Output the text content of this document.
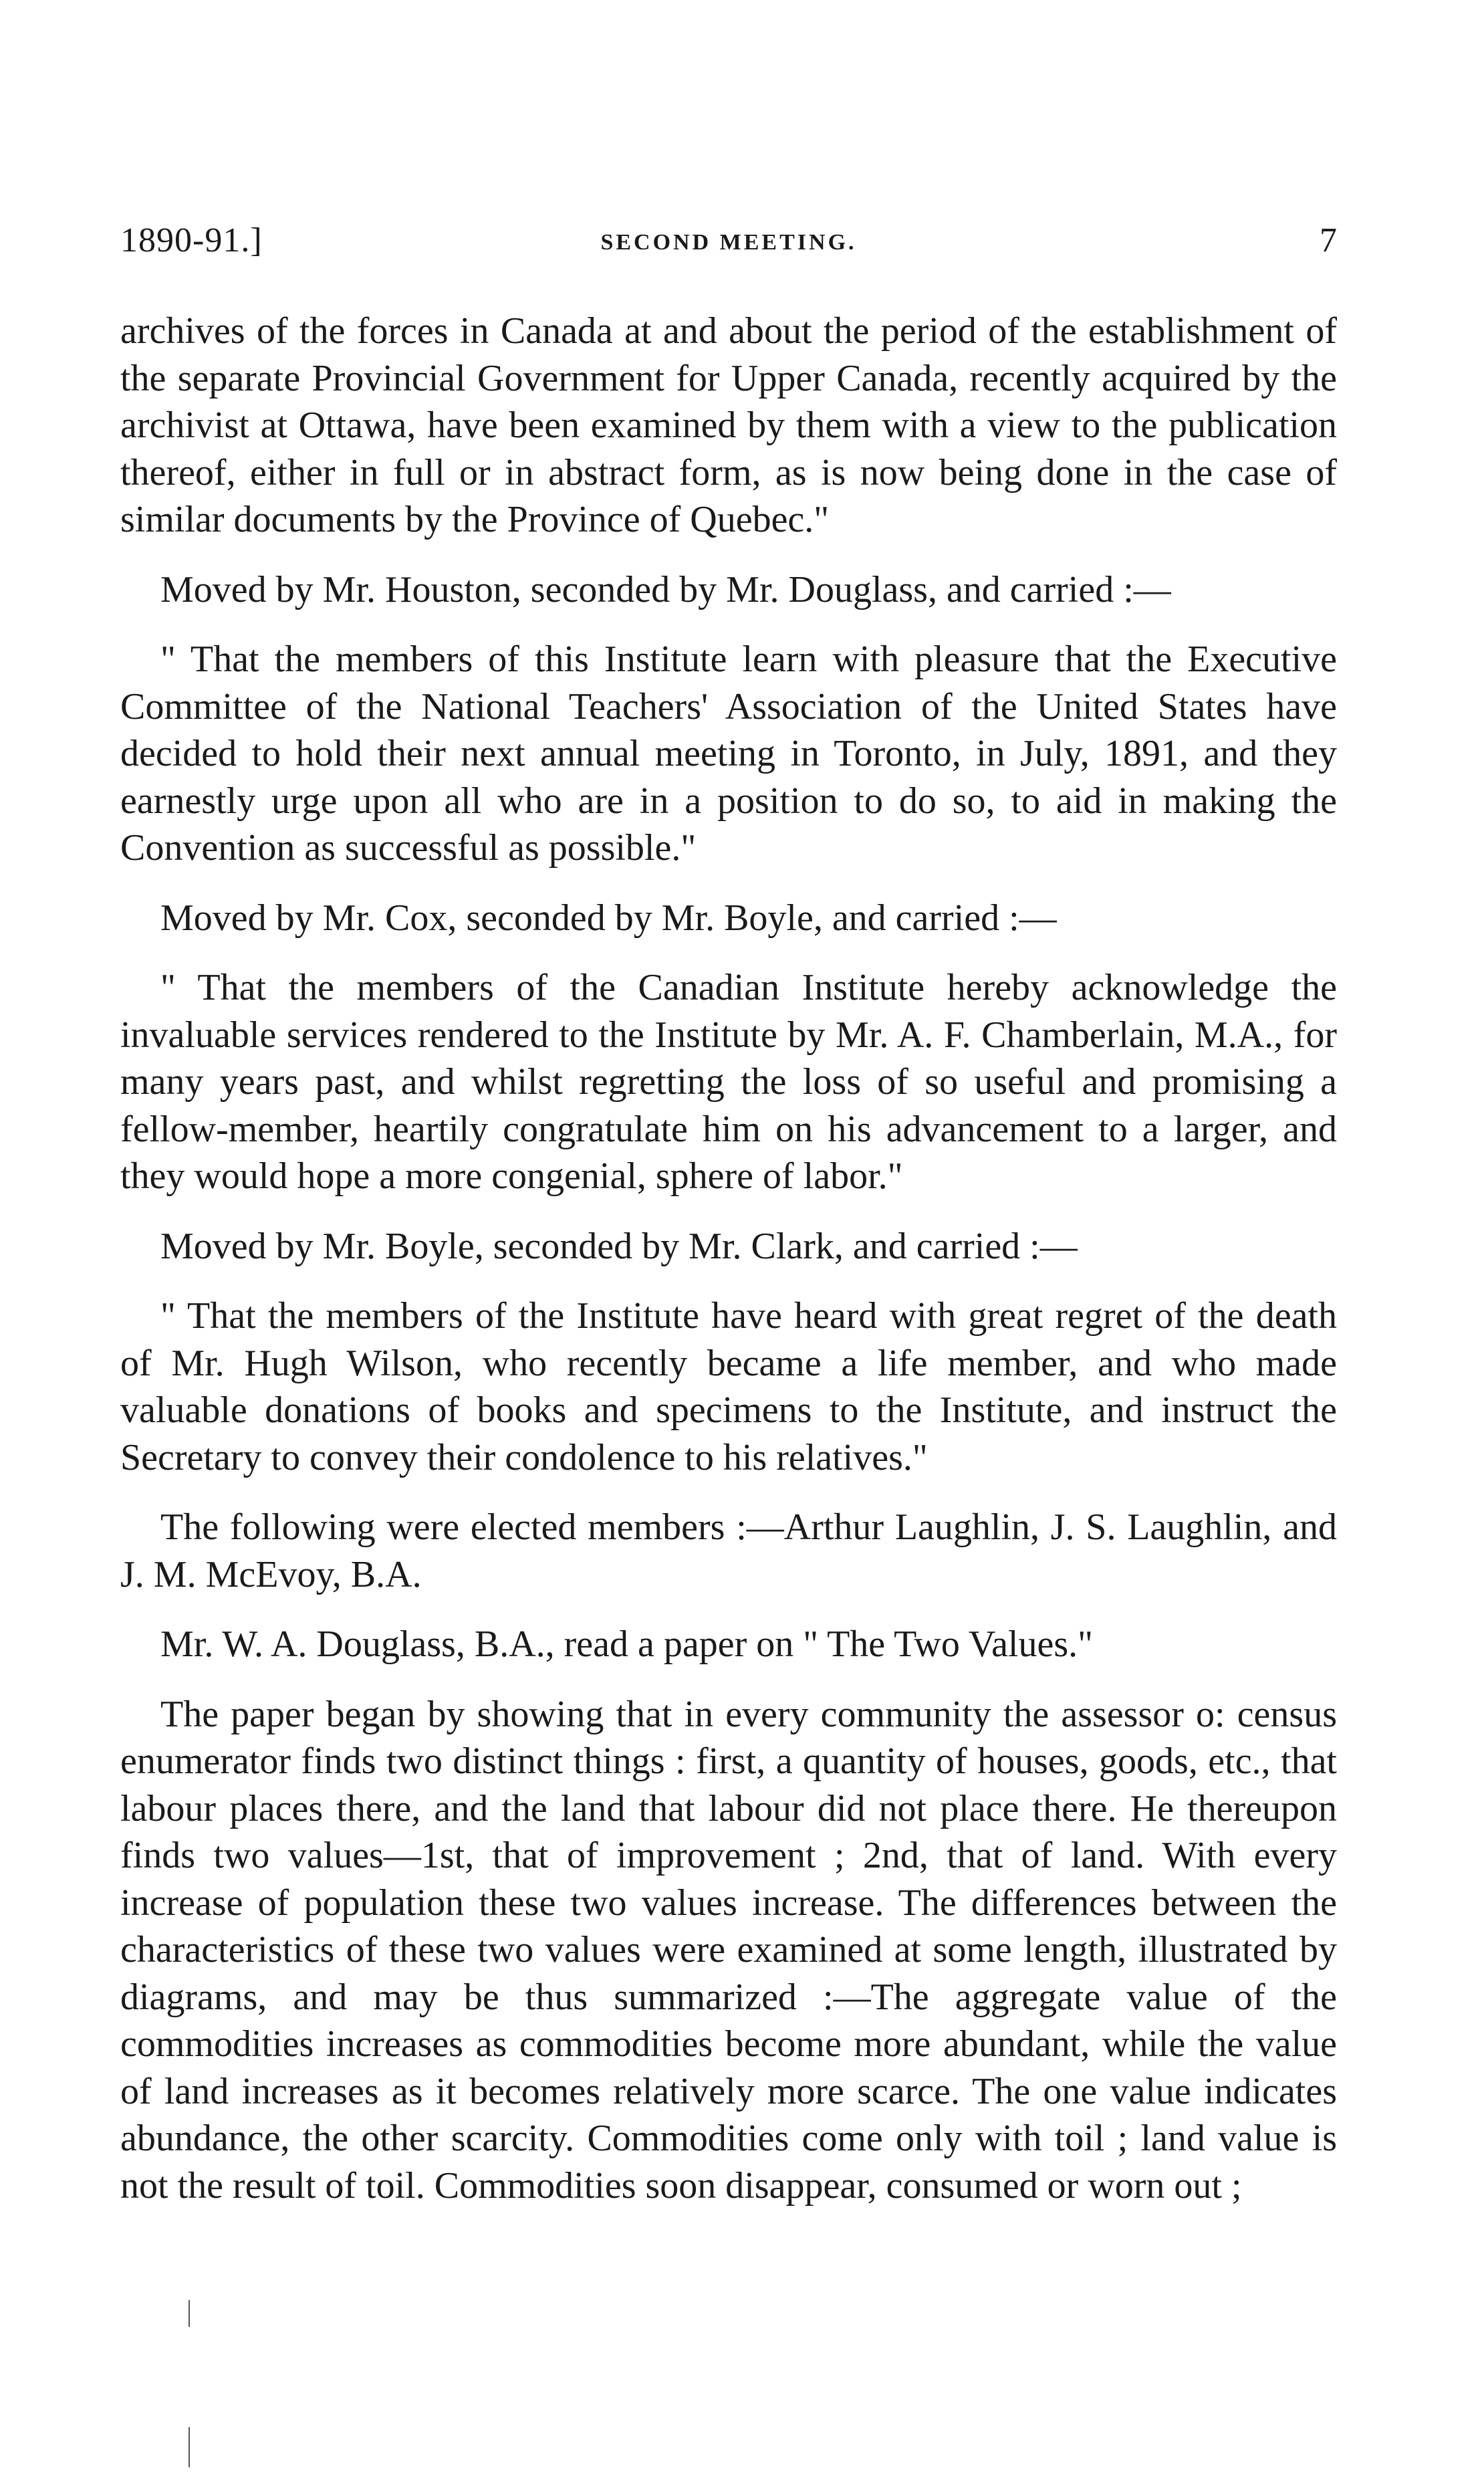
1890-91.]	SECOND MEETING.	7

archives of the forces in Canada at and about the period of the establishment of the separate Provincial Government for Upper Canada, recently acquired by the archivist at Ottawa, have been examined by them with a view to the publication thereof, either in full or in abstract form, as is now being done in the case of similar documents by the Province of Quebec."

Moved by Mr. Houston, seconded by Mr. Douglass, and carried :—

" That the members of this Institute learn with pleasure that the Executive Committee of the National Teachers' Association of the United States have decided to hold their next annual meeting in Toronto, in July, 1891, and they earnestly urge upon all who are in a position to do so, to aid in making the Convention as successful as possible."

Moved by Mr. Cox, seconded by Mr. Boyle, and carried :—

" That the members of the Canadian Institute hereby acknowledge the invaluable services rendered to the Institute by Mr. A. F. Chamberlain, M.A., for many years past, and whilst regretting the loss of so useful and promising a fellow-member, heartily congratulate him on his advancement to a larger, and they would hope a more congenial, sphere of labor."

Moved by Mr. Boyle, seconded by Mr. Clark, and carried :—

" That the members of the Institute have heard with great regret of the death of Mr. Hugh Wilson, who recently became a life member, and who made valuable donations of books and specimens to the Institute, and instruct the Secretary to convey their condolence to his relatives."

The following were elected members :—Arthur Laughlin, J. S. Laughlin, and J. M. McEvoy, B.A.

Mr. W. A. Douglass, B.A., read a paper on " The Two Values."

The paper began by showing that in every community the assessor o: census enumerator finds two distinct things : first, a quantity of houses, goods, etc., that labour places there, and the land that labour did not place there. He thereupon finds two values—1st, that of improvement ; 2nd, that of land. With every increase of population these two values increase. The differences between the characteristics of these two values were examined at some length, illustrated by diagrams, and may be thus summarized :—The aggregate value of the commodities increases as commodities become more abundant, while the value of land increases as it becomes relatively more scarce. The one value indicates abundance, the other scarcity. Commodities come only with toil ; land value is not the result of toil. Commodities soon disappear, consumed or worn out ;
